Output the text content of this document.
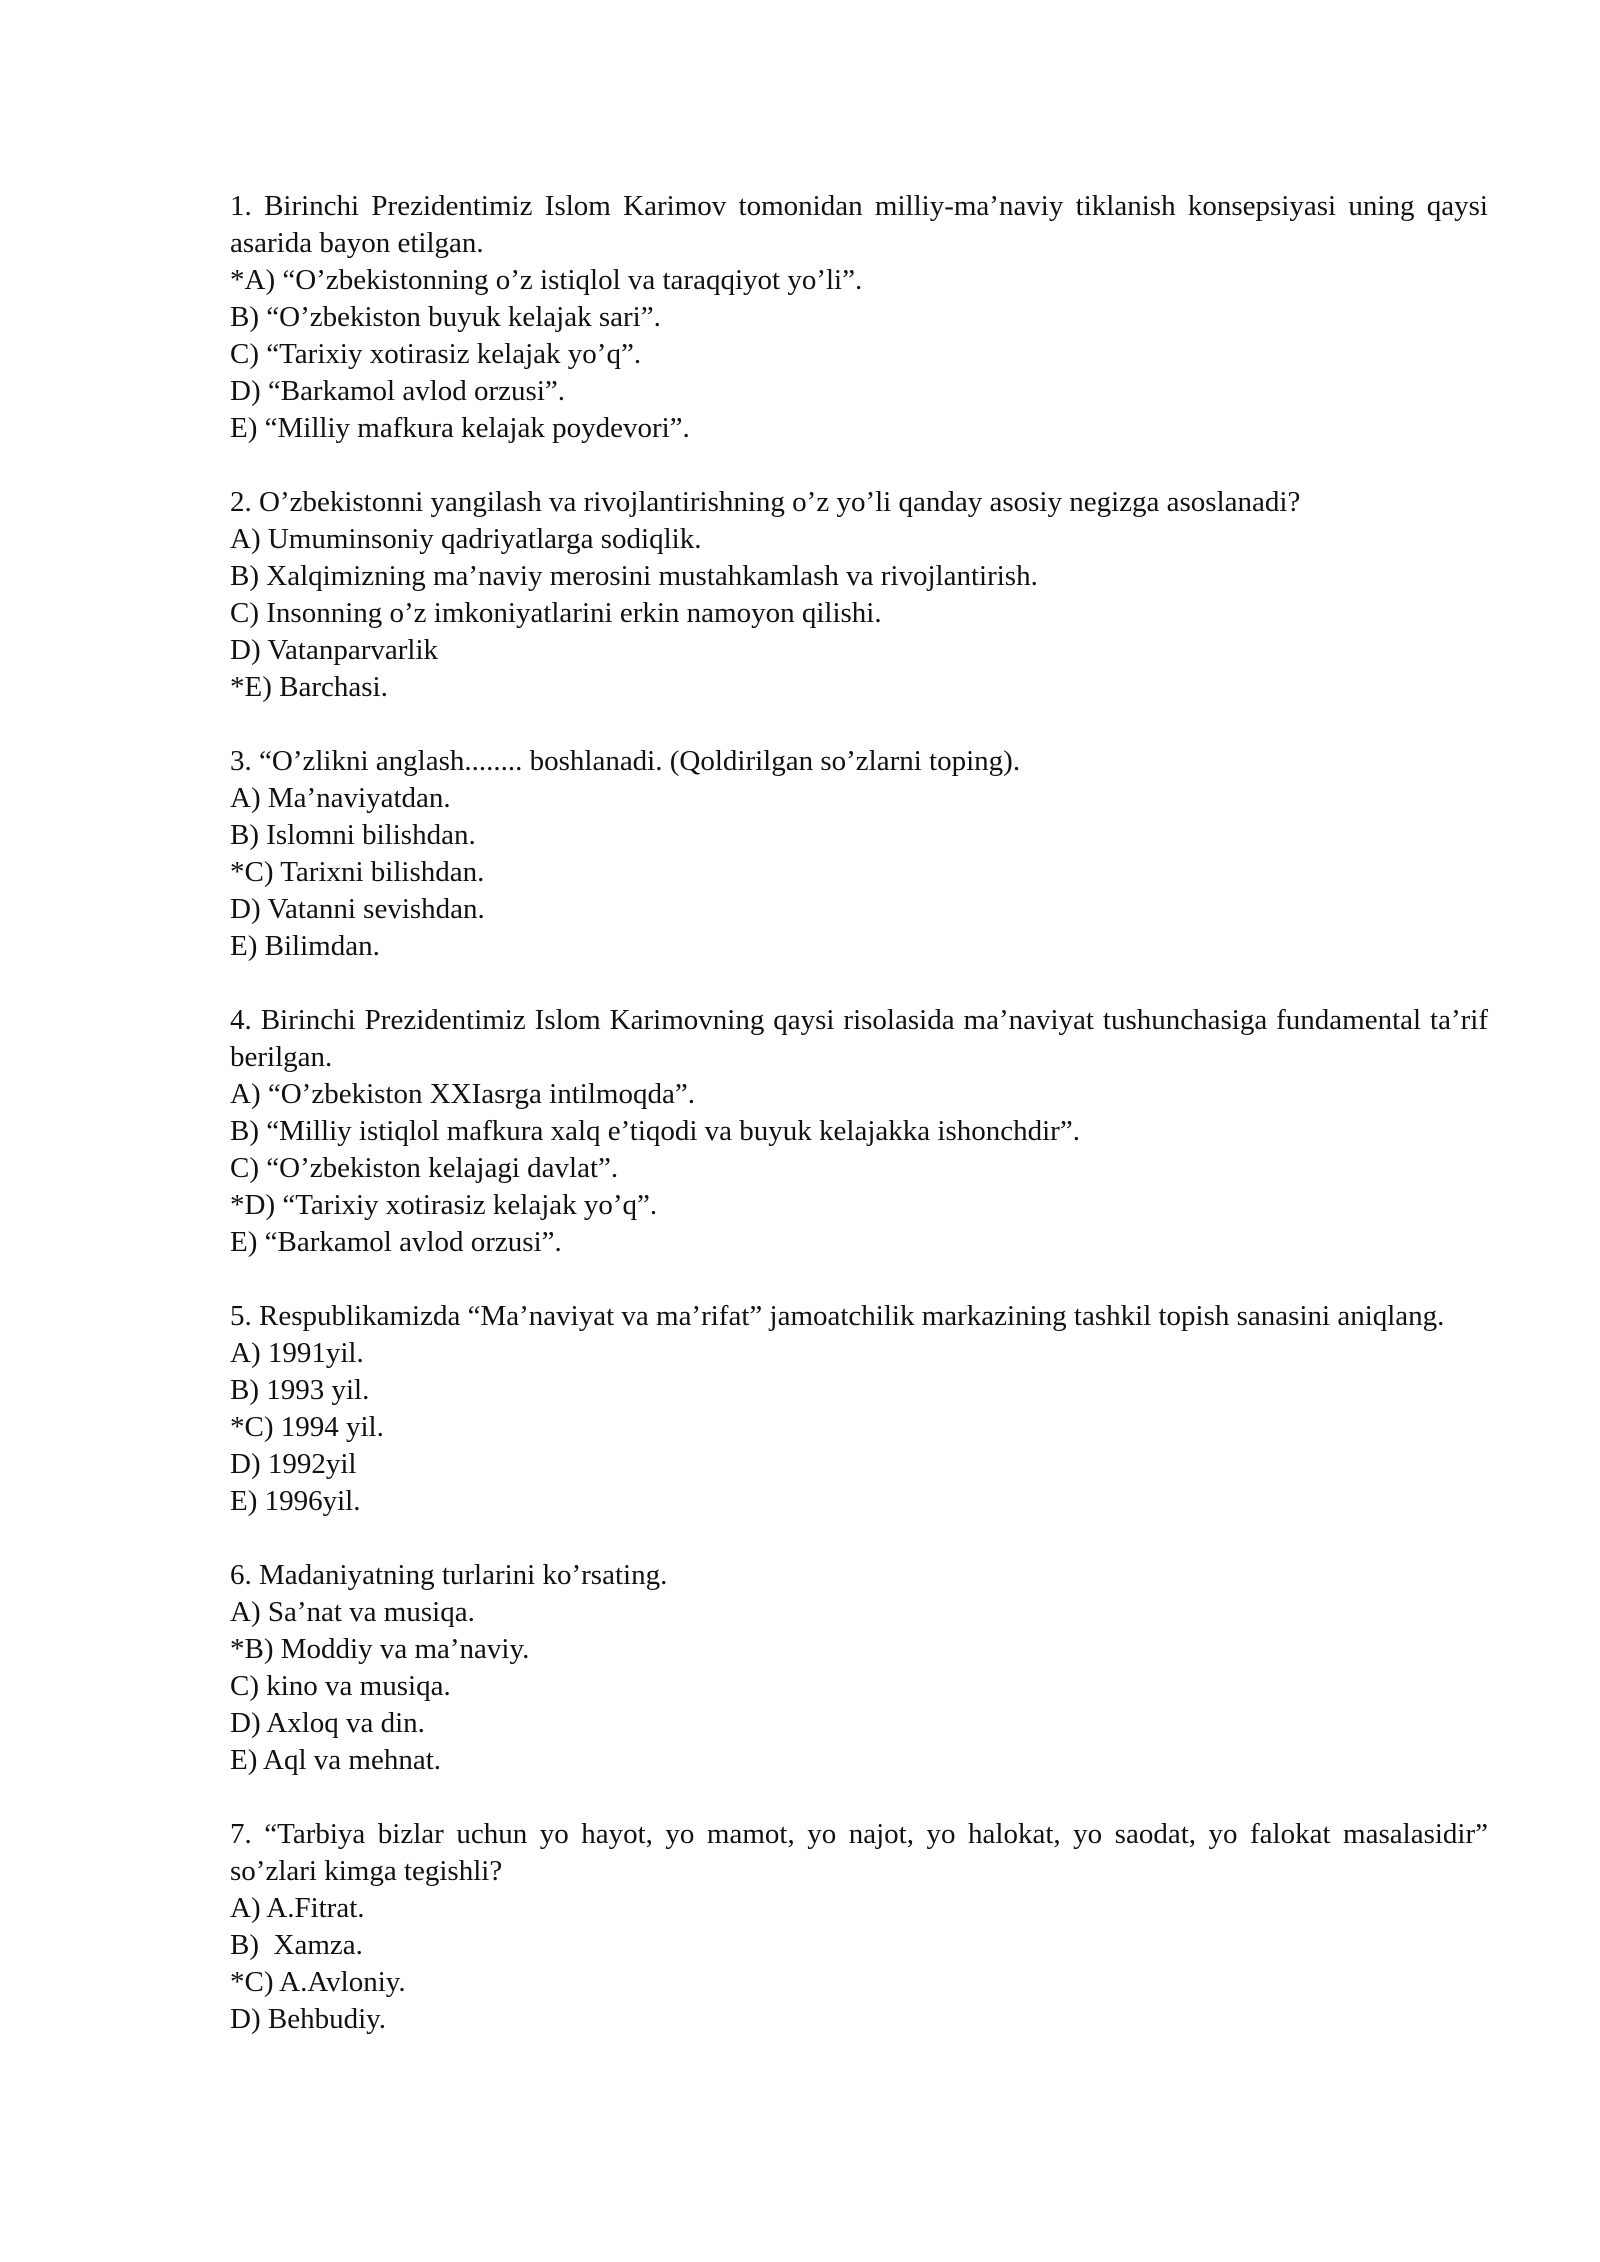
1. Birinchi Prezidentimiz Islom Karimov tomonidan milliy-ma’naviy tiklanish konsepsiyasi uning qaysi asarida bayon etilgan.

*A) “O’zbekistonning o’z istiqlol va taraqqiyot yo’li”.

B) “O’zbekiston buyuk kelajak sari”.

C) “Tarixiy xotirasiz kelajak yo’q”.

D) “Barkamol avlod orzusi”.

E) “Milliy mafkura kelajak poydevori”.

2. O’zbekistonni yangilash va rivojlantirishning o’z yo’li qanday asosiy negizga asoslanadi?

A) Umuminsoniy qadriyatlarga sodiqlik.

B) Xalqimizning ma’naviy merosini mustahkamlash va rivojlantirish.

C) Insonning o’z imkoniyatlarini erkin namoyon qilishi.

D) Vatanparvarlik

*E) Barchasi.

3. “O’zlikni anglash........ boshlanadi. (Qoldirilgan so’zlarni toping).

A) Ma’naviyatdan.

B) Islomni bilishdan.

*C) Tarixni bilishdan.

D) Vatanni sevishdan.

E) Bilimdan.

4. Birinchi Prezidentimiz Islom Karimovning qaysi risolasida ma’naviyat tushunchasiga fundamental ta’rif berilgan.

A) “O’zbekiston XXIasrga intilmoqda”.

B) “Milliy istiqlol mafkura xalq e’tiqodi va buyuk kelajakka ishonchdir”.

C) “O’zbekiston kelajagi davlat”.

*D) “Tarixiy xotirasiz kelajak yo’q”.

E) “Barkamol avlod orzusi”.

5. Respublikamizda “Ma’naviyat va ma’rifat” jamoatchilik markazining tashkil topish sanasini aniqlang.

A) 1991yil.

B) 1993 yil.

*C) 1994 yil.

D) 1992yil

E) 1996yil.

6. Madaniyatning turlarini ko’rsating.

A) Sa’nat va musiqa.

*B) Moddiy va ma’naviy.

C) kino va musiqa.

D) Axloq va din.

E) Aql va mehnat.

7. “Tarbiya bizlar uchun yo hayot, yo mamot, yo najot, yo halokat, yo saodat, yo falokat masalasidir” so’zlari kimga tegishli?

A) A.Fitrat.

B)  Xamza.

*C) A.Avloniy.

D) Behbudiy.
